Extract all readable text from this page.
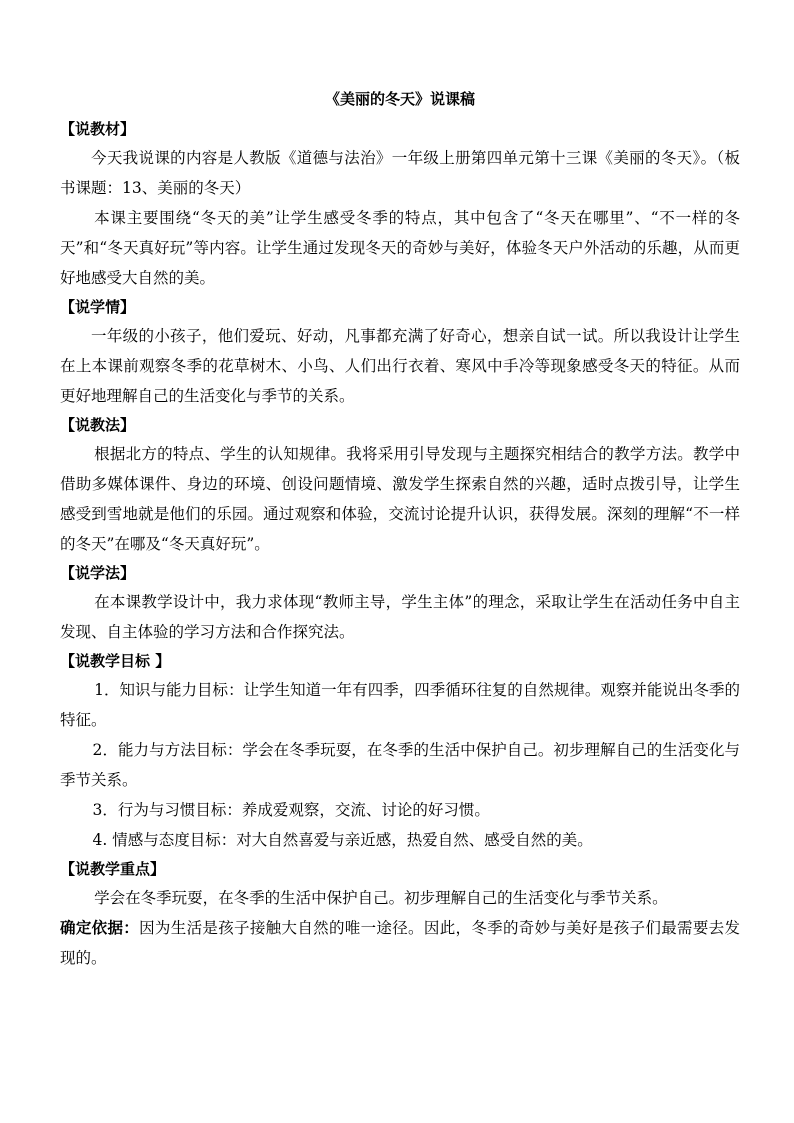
《美丽的冬天》说课稿

【说教材】

今天我说课的内容是人教版《道德与法治》一年级上册第四单元第十三课《美丽的冬天》。（板书课题：13、美丽的冬天）

本课主要围绕“冬天的美”让学生感受冬季的特点，其中包含了“冬天在哪里”、“不一样的冬天”和“冬天真好玩”等内容。让学生通过发现冬天的奇妙与美好，体验冬天户外活动的乐趣，从而更好地感受大自然的美。

【说学情】

一年级的小孩子，他们爱玩、好动，凡事都充满了好奇心，想亲自试一试。所以我设计让学生在上本课前观察冬季的花草树木、小鸟、人们出行衣着、寒风中手冷等现象感受冬天的特征。从而更好地理解自己的生活变化与季节的关系。

【说教法】

根据北方的特点、学生的认知规律。我将采用引导发现与主题探究相结合的教学方法。教学中借助多媒体课件、身边的环境、创设问题情境、激发学生探索自然的兴趣，适时点拨引导，让学生感受到雪地就是他们的乐园。通过观察和体验，交流讨论提升认识，获得发展。深刻的理解“不一样的冬天”在哪及“冬天真好玩”。

【说学法】

在本课教学设计中，我力求体现“教师主导，学生主体”的理念，采取让学生在活动任务中自主发现、自主体验的学习方法和合作探究法。

【说教学目标 】

1．知识与能力目标：让学生知道一年有四季，四季循环往复的自然规律。观察并能说出冬季的特征。

2．能力与方法目标：学会在冬季玩耍，在冬季的生活中保护自己。初步理解自己的生活变化与季节关系。

3．行为与习惯目标：养成爱观察，交流、讨论的好习惯。

4. 情感与态度目标：对大自然喜爱与亲近感，热爱自然、感受自然的美。

【说教学重点】

学会在冬季玩耍，在冬季的生活中保护自己。初步理解自己的生活变化与季节关系。

确定依据：因为生活是孩子接触大自然的唯一途径。因此，冬季的奇妙与美好是孩子们最需要去发现的。
